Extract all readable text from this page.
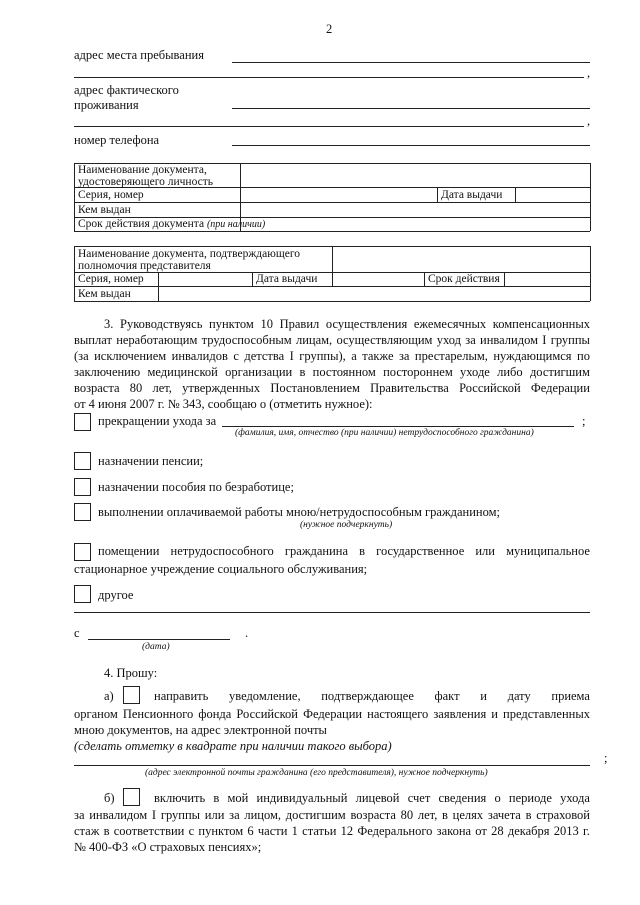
2
адрес места пребывания
,
адрес фактического
проживания
,
номер телефона
Наименование документа,
удостоверяющего личность
Серия, номер	Дата выдачи
Кем выдан
Срок действия документа (при наличии)
Наименование документа, подтверждающего
полномочия представителя
Серия, номер	Дата выдачи	Срок действия
Кем выдан
3. Руководствуясь пунктом 10 Правил осуществления ежемесячных компенсационных
выплат неработающим трудоспособным лицам, осуществляющим уход за инвалидом I группы
(за исключением инвалидов с детства I группы), а также за престарелым, нуждающимся по
заключению медицинской организации в постоянном постороннем уходе либо достигшим
возраста 80 лет, утвержденных Постановлением Правительства Российской Федерации
от 4 июня 2007 г. № 343, сообщаю о (отметить нужное):
прекращении ухода за	;
(фамилия, имя, отчество (при наличии) нетрудоспособного гражданина)
назначении пенсии;
назначении пособия по безработице;
выполнении оплачиваемой работы мною/нетрудоспособным гражданином;
(нужное подчеркнуть)
помещении нетрудоспособного гражданина в государственное или муниципальное
стационарное учреждение социального обслуживания;
другое
с	.
(дата)
4. Прошу:
а)	направить уведомление, подтверждающее факт и дату приема
органом Пенсионного фонда Российской Федерации настоящего заявления и представленных
мною документов, на адрес электронной почты
(сделать отметку в квадрате при наличии такого выбора)
;
(адрес электронной почты гражданина (его представителя), нужное подчеркнуть)
б)	включить в мой индивидуальный лицевой счет сведения о периоде ухода
за инвалидом I группы или за лицом, достигшим возраста 80 лет, в целях зачета в страховой
стаж в соответствии с пунктом 6 части 1 статьи 12 Федерального закона от 28 декабря 2013 г.
№ 400-ФЗ «О страховых пенсиях»;
